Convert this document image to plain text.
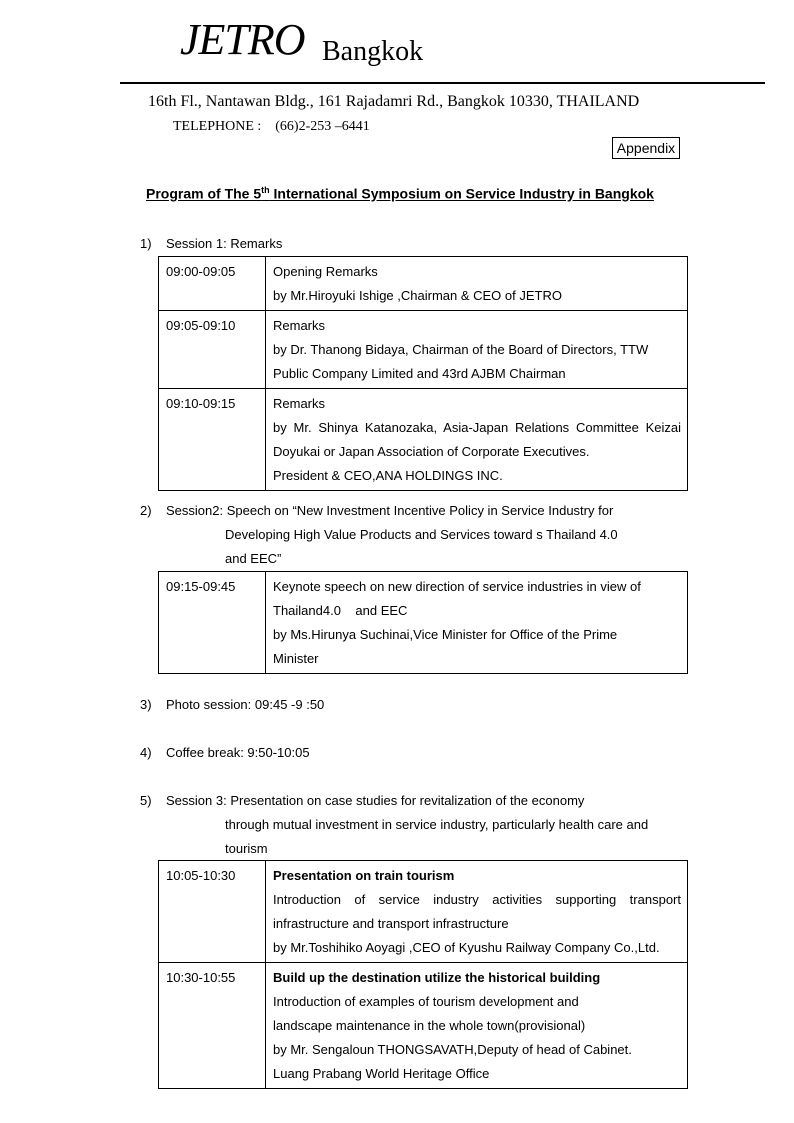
JETRO Bangkok
16th Fl., Nantawan Bldg., 161 Rajadamri Rd., Bangkok 10330, THAILAND
TELEPHONE : (66)2-253 –6441
Appendix
Program of The 5th International Symposium on Service Industry in Bangkok
1) Session 1: Remarks
09:00-09:05	Opening Remarks
by Mr.Hiroyuki Ishige ,Chairman & CEO of JETRO

09:05-09:10	Remarks
by Dr. Thanong Bidaya, Chairman of the Board of Directors, TTW
Public Company Limited and 43rd AJBM Chairman

09:10-09:15	Remarks
by Mr. Shinya Katanozaka, Asia-Japan Relations Committee Keizai
Doyukai or Japan Association of Corporate Executives.
President & CEO,ANA HOLDINGS INC.
2) Session2: Speech on “New Investment Incentive Policy in Service Industry for
Developing High Value Products and Services toward s Thailand 4.0
and EEC”
09:15-09:45	Keynote speech on new direction of service industries in view of
Thailand4.0    and EEC
by Ms.Hirunya Suchinai,Vice Minister for Office of the Prime
Minister
3) Photo session: 09:45 -9 :50
4) Coffee break: 9:50-10:05
5) Session 3: Presentation on case studies for revitalization of the economy
through mutual investment in service industry, particularly health care and
tourism
10:05-10:30	Presentation on train tourism
Introduction of service industry activities supporting transport
infrastructure and transport infrastructure
by Mr.Toshihiko Aoyagi ,CEO of Kyushu Railway Company Co.,Ltd.

10:30-10:55	Build up the destination utilize the historical building
Introduction of examples of tourism development and
landscape maintenance in the whole town(provisional)
by Mr. Sengaloun THONGSAVATH,Deputy of head of Cabinet.
Luang Prabang World Heritage Office
